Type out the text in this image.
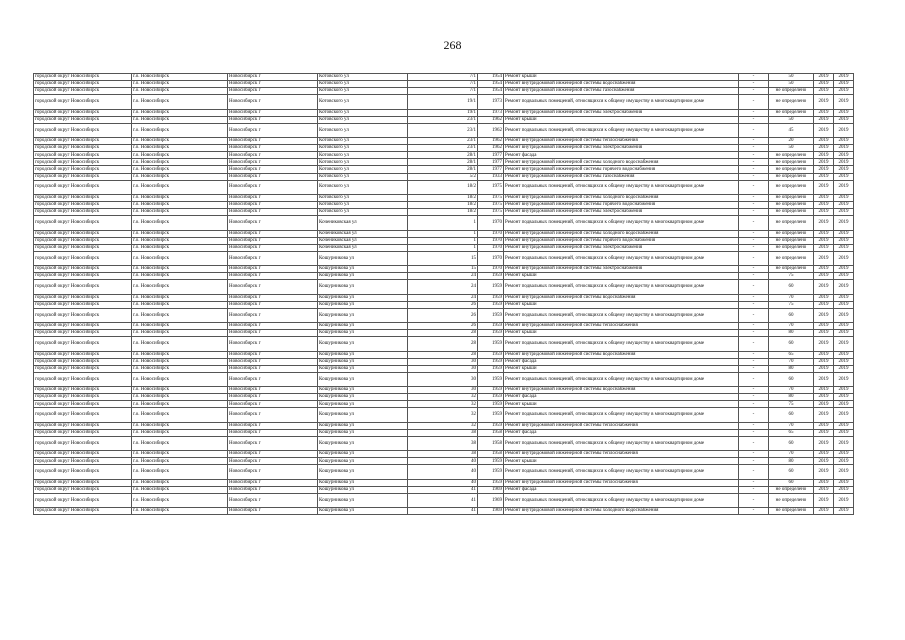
268
городской округ Новосибирск	г.о. Новосибирск	Новосибирск г	Котовского ул	7/1	1954	Ремонт крыши	-	50	2019	2019
городской округ Новосибирск	г.о. Новосибирск	Новосибирск г	Котовского ул	7/1	1954	Ремонт внутридомовой инженерной системы водоснабжения	-	50	2019	2019
городской округ Новосибирск	г.о. Новосибирск	Новосибирск г	Котовского ул	7/1	1954	Ремонт внутридомовой инженерной системы газоснабжения	-	не определено	2019	2019
городской округ Новосибирск	г.о. Новосибирск	Новосибирск г	Котовского ул	19/1	1973	Ремонт подвальных помещений, относящихся к общему имуществу в многоквартирном доме	-	не определено	2019	2019
городской округ Новосибирск	г.о. Новосибирск	Новосибирск г	Котовского ул	19/1	1973	Ремонт внутридомовой инженерной системы электроснабжения	-	не определено	2019	2019
городской округ Новосибирск	г.о. Новосибирск	Новосибирск г	Котовского ул	23/1	1962	Ремонт крыши	-	50	2019	2019
городской округ Новосибирск	г.о. Новосибирск	Новосибирск г	Котовского ул	23/1	1962	Ремонт подвальных помещений, относящихся к общему имуществу в многоквартирном доме	-	45	2019	2019
городской округ Новосибирск	г.о. Новосибирск	Новосибирск г	Котовского ул	23/1	1962	Ремонт внутридомовой инженерной системы теплоснабжения	-	20	2019	2019
городской округ Новосибирск	г.о. Новосибирск	Новосибирск г	Котовского ул	23/1	1962	Ремонт внутридомовой инженерной системы электроснабжения	-	50	2019	2019
городской округ Новосибирск	г.о. Новосибирск	Новосибирск г	Котовского ул	28/1	1977	Ремонт фасада	-	не определено	2019	2019
городской округ Новосибирск	г.о. Новосибирск	Новосибирск г	Котовского ул	28/1	1977	Ремонт внутридомовой инженерной системы холодного водоснабжения	-	не определено	2019	2019
городской округ Новосибирск	г.о. Новосибирск	Новосибирск г	Котовского ул	28/1	1977	Ремонт внутридомовой инженерной системы горячего водоснабжения	-	не определено	2019	2019
городской округ Новосибирск	г.о. Новосибирск	Новосибирск г	Котовского ул	5/2	1933	Ремонт внутридомовой инженерной системы газоснабжения	-	не определено	2019	2019
городской округ Новосибирск	г.о. Новосибирск	Новосибирск г	Котовского ул	18/2	1975	Ремонт подвальных помещений, относящихся к общему имуществу в многоквартирном доме	-	не определено	2019	2019
городской округ Новосибирск	г.о. Новосибирск	Новосибирск г	Котовского ул	18/2	1975	Ремонт внутридомовой инженерной системы холодного водоснабжения	-	не определено	2019	2019
городской округ Новосибирск	г.о. Новосибирск	Новосибирск г	Котовского ул	18/2	1975	Ремонт внутридомовой инженерной системы горячего водоснабжения	-	не определено	2019	2019
городской округ Новосибирск	г.о. Новосибирск	Новосибирск г	Котовского ул	18/2	1975	Ремонт внутридомовой инженерной системы электроснабжения	-	не определено	2019	2019
городской округ Новосибирск	г.о. Новосибирск	Новосибирск г	Кочениковская ул	1	1970	Ремонт подвальных помещений, относящихся к общему имуществу в многоквартирном доме	-	не определено	2019	2019
городской округ Новосибирск	г.о. Новосибирск	Новосибирск г	Кочениковская ул	1	1970	Ремонт внутридомовой инженерной системы холодного водоснабжения	-	не определено	2019	2019
городской округ Новосибирск	г.о. Новосибирск	Новосибирск г	Кочениковская ул	1	1970	Ремонт внутридомовой инженерной системы горячего водоснабжения	-	не определено	2019	2019
городской округ Новосибирск	г.о. Новосибирск	Новосибирск г	Кочениковская ул	1	1970	Ремонт внутридомовой инженерной системы электроснабжения	-	не определено	2019	2019
городской округ Новосибирск	г.о. Новосибирск	Новосибирск г	Кошурникова ул	15	1970	Ремонт подвальных помещений, относящихся к общему имуществу в многоквартирном доме	-	не определено	2019	2019
городской округ Новосибирск	г.о. Новосибирск	Новосибирск г	Кошурникова ул	15	1970	Ремонт внутридомовой инженерной системы электроснабжения	-	не определено	2019	2019
городской округ Новосибирск	г.о. Новосибирск	Новосибирск г	Кошурникова ул	24	1959	Ремонт крыши	-	75	2019	2019
городской округ Новосибирск	г.о. Новосибирск	Новосибирск г	Кошурникова ул	24	1959	Ремонт подвальных помещений, относящихся к общему имуществу в многоквартирном доме	-	60	2019	2019
городской округ Новосибирск	г.о. Новосибирск	Новосибирск г	Кошурникова ул	24	1959	Ремонт внутридомовой инженерной системы водоснабжения	-	70	2019	2019
городской округ Новосибирск	г.о. Новосибирск	Новосибирск г	Кошурникова ул	26	1959	Ремонт крыши	-	75	2019	2019
городской округ Новосибирск	г.о. Новосибирск	Новосибирск г	Кошурникова ул	26	1959	Ремонт подвальных помещений, относящихся к общему имуществу в многоквартирном доме	-	60	2019	2019
городской округ Новосибирск	г.о. Новосибирск	Новосибирск г	Кошурникова ул	26	1959	Ремонт внутридомовой инженерной системы теплоснабжения	-	70	2019	2019
городской округ Новосибирск	г.о. Новосибирск	Новосибирск г	Кошурникова ул	28	1959	Ремонт крыши	-	80	2019	2019
городской округ Новосибирск	г.о. Новосибирск	Новосибирск г	Кошурникова ул	28	1959	Ремонт подвальных помещений, относящихся к общему имуществу в многоквартирном доме	-	60	2019	2019
городской округ Новосибирск	г.о. Новосибирск	Новосибирск г	Кошурникова ул	28	1959	Ремонт внутридомовой инженерной системы водоснабжения	-	65	2019	2019
городской округ Новосибирск	г.о. Новосибирск	Новосибирск г	Кошурникова ул	30	1959	Ремонт фасада	-	70	2019	2019
городской округ Новосибирск	г.о. Новосибирск	Новосибирск г	Кошурникова ул	30	1959	Ремонт крыши	-	80	2019	2019
городской округ Новосибирск	г.о. Новосибирск	Новосибирск г	Кошурникова ул	30	1959	Ремонт подвальных помещений, относящихся к общему имуществу в многоквартирном доме	-	60	2019	2019
городской округ Новосибирск	г.о. Новосибирск	Новосибирск г	Кошурникова ул	30	1959	Ремонт внутридомовой инженерной системы водоснабжения	-	70	2019	2019
городской округ Новосибирск	г.о. Новосибирск	Новосибирск г	Кошурникова ул	32	1959	Ремонт фасада	-	80	2019	2019
городской округ Новосибирск	г.о. Новосибирск	Новосибирск г	Кошурникова ул	32	1959	Ремонт крыши	-	75	2019	2019
городской округ Новосибирск	г.о. Новосибирск	Новосибирск г	Кошурникова ул	32	1959	Ремонт подвальных помещений, относящихся к общему имуществу в многоквартирном доме	-	60	2019	2019
городской округ Новосибирск	г.о. Новосибирск	Новосибирск г	Кошурникова ул	32	1959	Ремонт внутридомовой инженерной системы теплоснабжения	-	70	2019	2019
городской округ Новосибирск	г.о. Новосибирск	Новосибирск г	Кошурникова ул	38	1958	Ремонт фасада	-	65	2019	2019
городской округ Новосибирск	г.о. Новосибирск	Новосибирск г	Кошурникова ул	38	1958	Ремонт подвальных помещений, относящихся к общему имуществу в многоквартирном доме	-	60	2019	2019
городской округ Новосибирск	г.о. Новосибирск	Новосибирск г	Кошурникова ул	38	1958	Ремонт внутридомовой инженерной системы теплоснабжения	-	70	2019	2019
городской округ Новосибирск	г.о. Новосибирск	Новосибирск г	Кошурникова ул	40	1959	Ремонт крыши	-	80	2019	2019
городской округ Новосибирск	г.о. Новосибирск	Новосибирск г	Кошурникова ул	40	1959	Ремонт подвальных помещений, относящихся к общему имуществу в многоквартирном доме	-	60	2019	2019
городской округ Новосибирск	г.о. Новосибирск	Новосибирск г	Кошурникова ул	40	1959	Ремонт внутридомовой инженерной системы теплоснабжения	-	60	2019	2019
городской округ Новосибирск	г.о. Новосибирск	Новосибирск г	Кошурникова ул	41	1969	Ремонт фасада	-	не определено	2019	2019
городской округ Новосибирск	г.о. Новосибирск	Новосибирск г	Кошурникова ул	41	1969	Ремонт подвальных помещений, относящихся к общему имуществу в многоквартирном доме	-	не определено	2019	2019
городской округ Новосибирск	г.о. Новосибирск	Новосибирск г	Кошурникова ул	41	1969	Ремонт внутридомовой инженерной системы холодного водоснабжения	-	не определено	2019	2019
